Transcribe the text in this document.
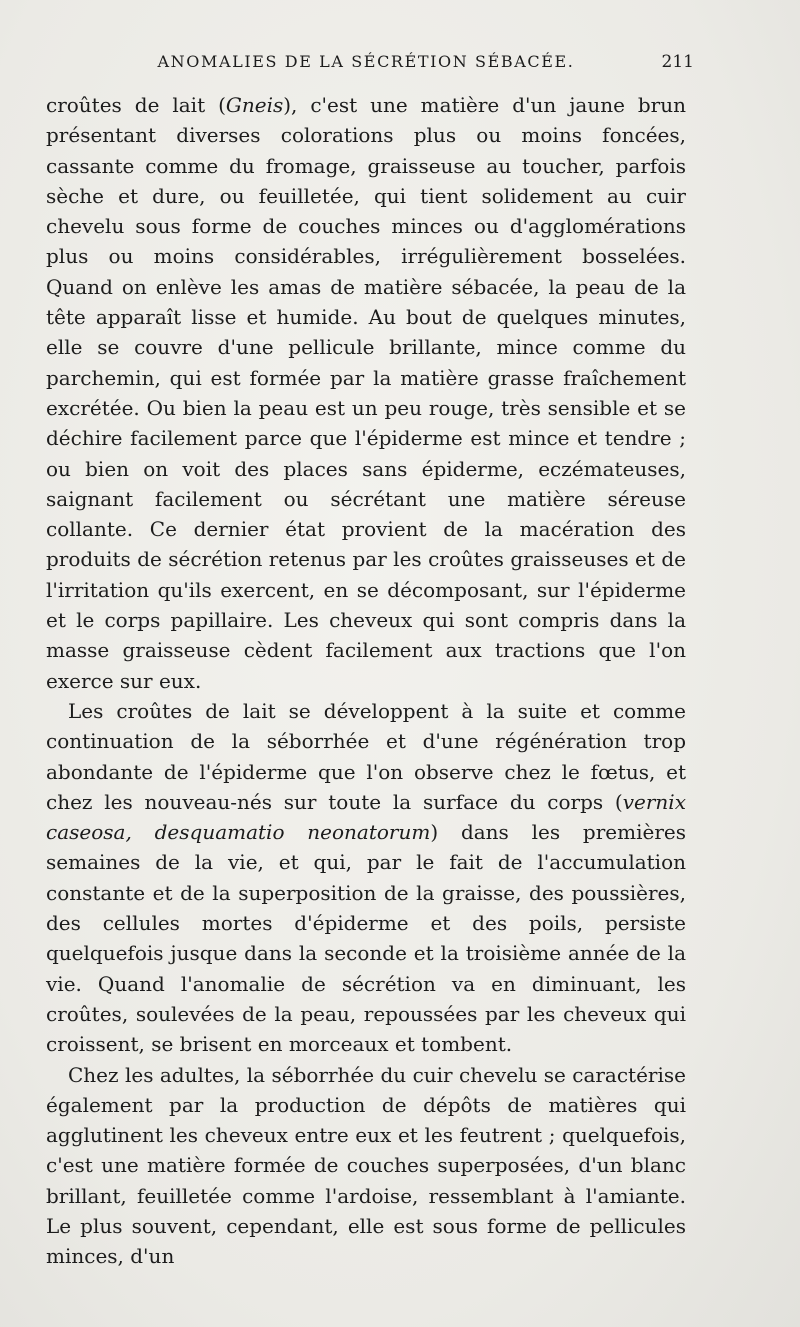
ANOMALIES DE LA SÉCRÉTION SÉBACÉE.	211

croûtes de lait (Gneis), c'est une matière d'un jaune brun présentant diverses colorations plus ou moins foncées, cassante comme du fromage, graisseuse au toucher, parfois sèche et dure, ou feuilletée, qui tient solidement au cuir chevelu sous forme de couches minces ou d'agglomérations plus ou moins considérables, irrégulièrement bosselées. Quand on enlève les amas de matière sébacée, la peau de la tête apparaît lisse et humide. Au bout de quelques minutes, elle se couvre d'une pellicule brillante, mince comme du parchemin, qui est formée par la matière grasse fraîchement excrétée. Ou bien la peau est un peu rouge, très sensible et se déchire facilement parce que l'épiderme est mince et tendre ; ou bien on voit des places sans épiderme, eczémateuses, saignant facilement ou sécrétant une matière séreuse collante. Ce dernier état provient de la macération des produits de sécrétion retenus par les croûtes graisseuses et de l'irritation qu'ils exercent, en se décomposant, sur l'épiderme et le corps papillaire. Les cheveux qui sont compris dans la masse graisseuse cèdent facilement aux tractions que l'on exerce sur eux.

Les croûtes de lait se développent à la suite et comme continuation de la séborrhée et d'une régénération trop abondante de l'épiderme que l'on observe chez le fœtus, et chez les nouveau-nés sur toute la surface du corps (vernix caseosa, desquamatio neonatorum) dans les premières semaines de la vie, et qui, par le fait de l'accumulation constante et de la superposition de la graisse, des poussières, des cellules mortes d'épiderme et des poils, persiste quelquefois jusque dans la seconde et la troisième année de la vie. Quand l'anomalie de sécrétion va en diminuant, les croûtes, soulevées de la peau, repoussées par les cheveux qui croissent, se brisent en morceaux et tombent.

Chez les adultes, la séborrhée du cuir chevelu se caractérise également par la production de dépôts de matières qui agglutinent les cheveux entre eux et les feutrent ; quelquefois, c'est une matière formée de couches superposées, d'un blanc brillant, feuilletée comme l'ardoise, ressemblant à l'amiante. Le plus souvent, cependant, elle est sous forme de pellicules minces, d'un
